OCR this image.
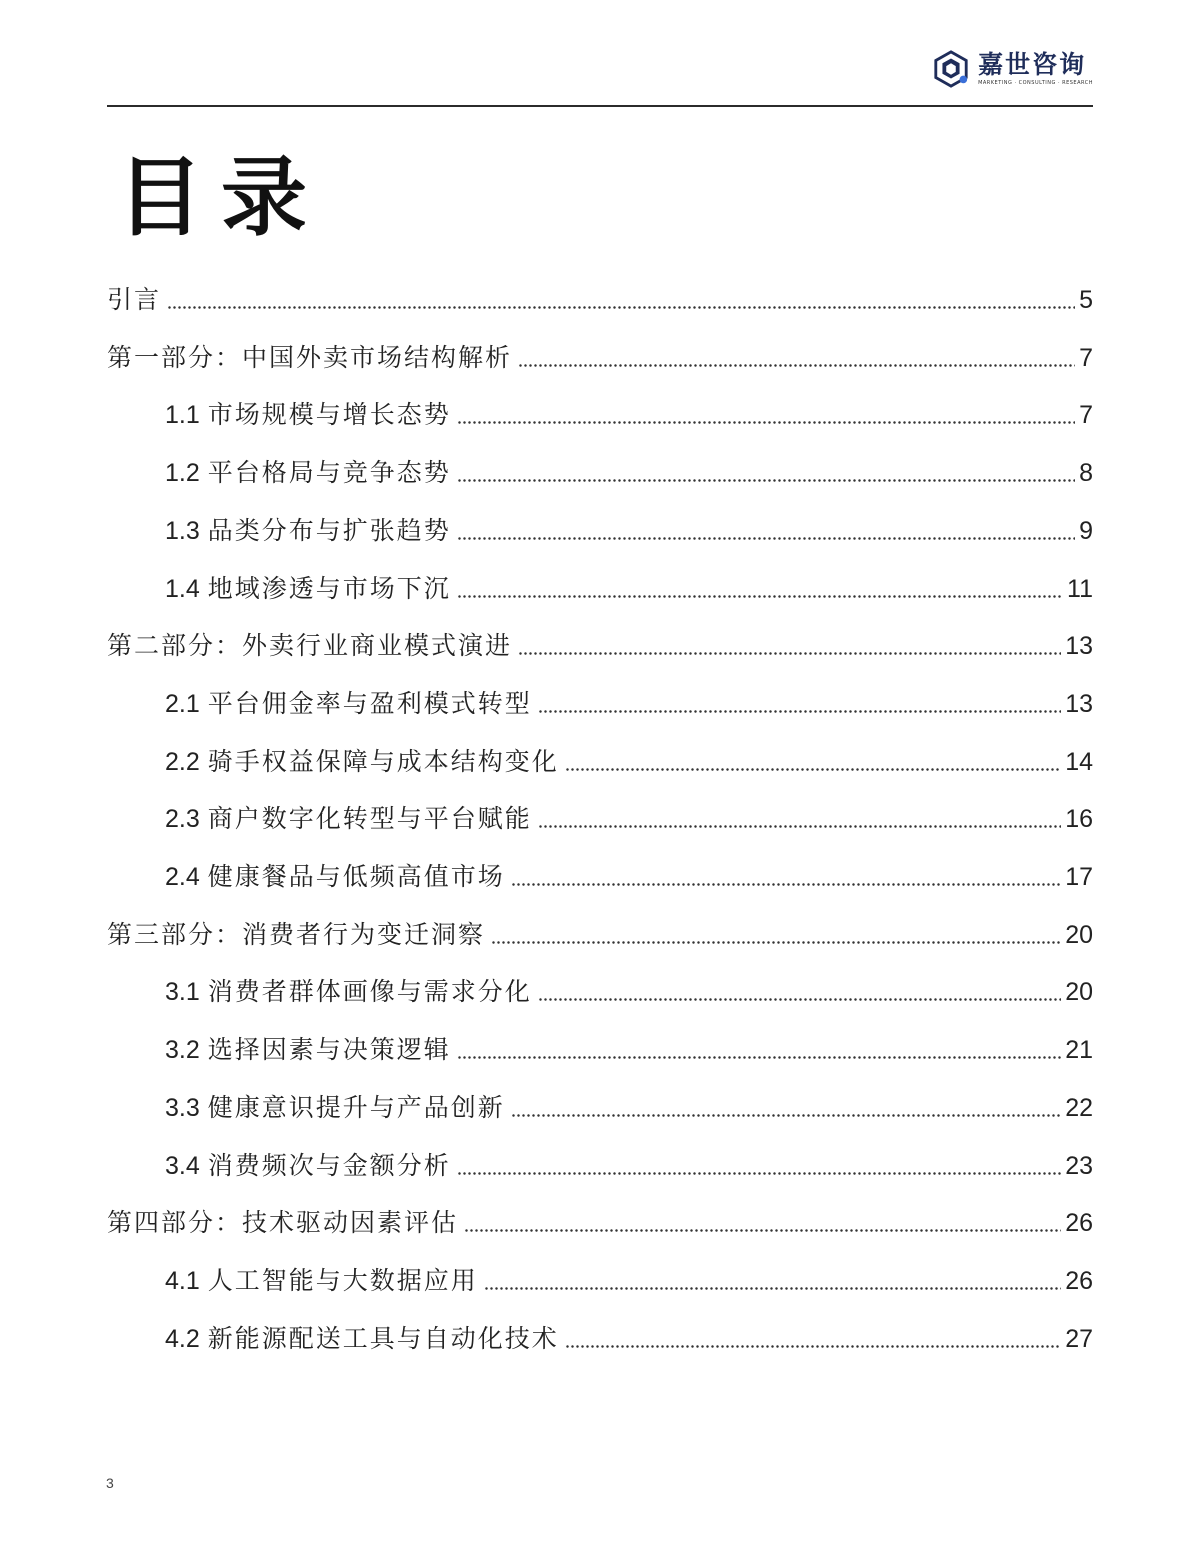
嘉世咨询
MARKETING · CONSULTING · RESEARCH
目录
引言	5
第一部分：中国外卖市场结构解析	7
1.1 市场规模与增长态势	7
1.2 平台格局与竞争态势	8
1.3 品类分布与扩张趋势	9
1.4 地域渗透与市场下沉	11
第二部分：外卖行业商业模式演进	13
2.1 平台佣金率与盈利模式转型	13
2.2 骑手权益保障与成本结构变化	14
2.3 商户数字化转型与平台赋能	16
2.4 健康餐品与低频高值市场	17
第三部分：消费者行为变迁洞察	20
3.1 消费者群体画像与需求分化	20
3.2 选择因素与决策逻辑	21
3.3 健康意识提升与产品创新	22
3.4 消费频次与金额分析	23
第四部分：技术驱动因素评估	26
4.1 人工智能与大数据应用	26
4.2 新能源配送工具与自动化技术	27
3
